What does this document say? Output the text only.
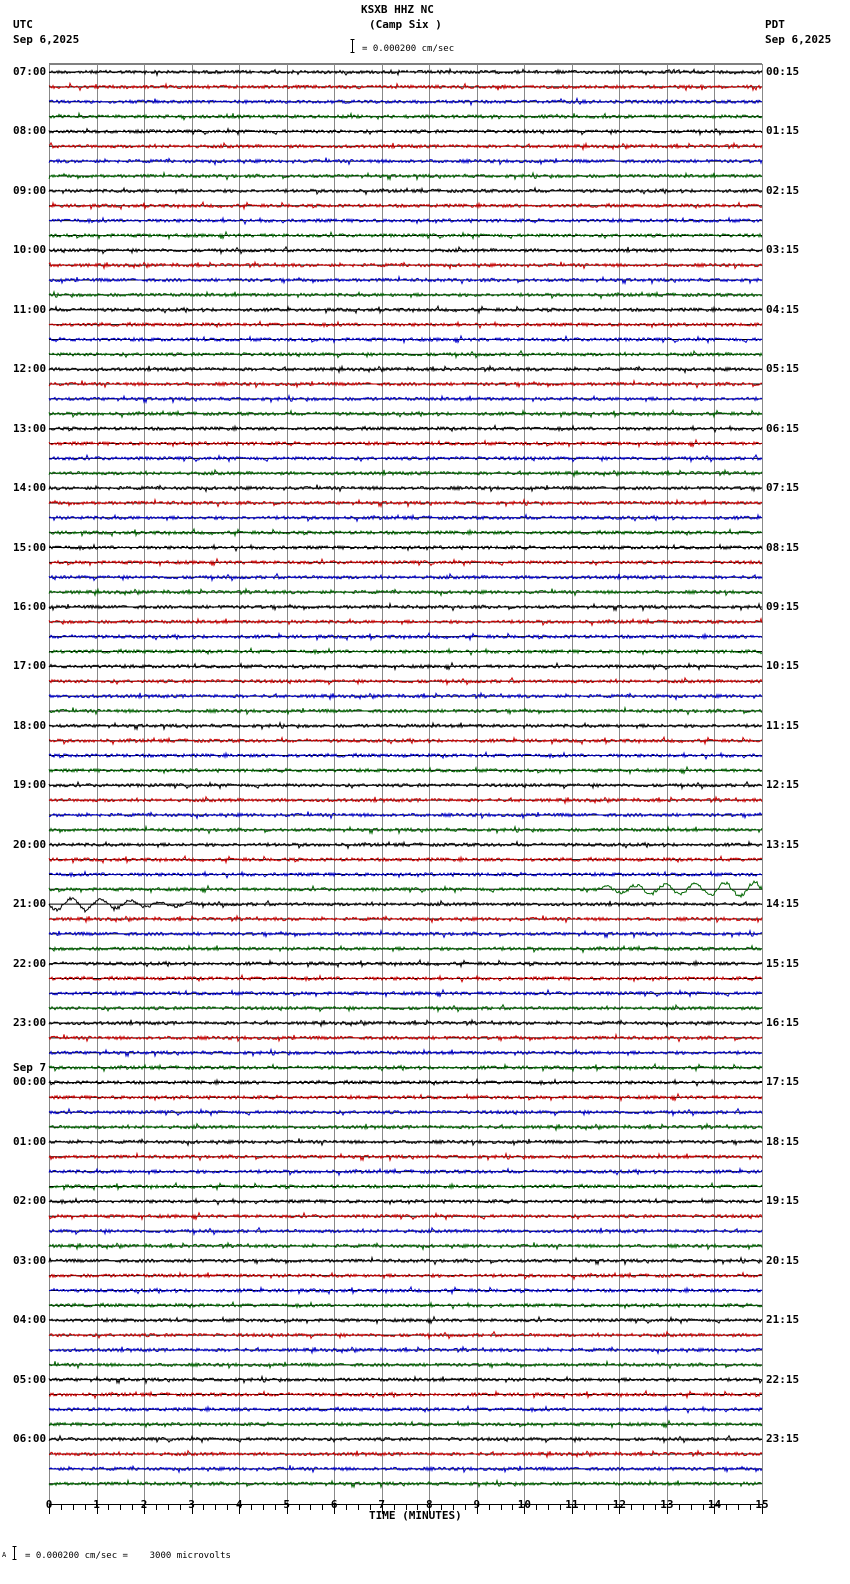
KSXB HHZ NC
(Camp Six )
UTC
Sep 6,2025
PDT
Sep 6,2025
= 0.000200 cm/sec
07:00
08:00
09:00
10:00
11:00
12:00
13:00
14:00
15:00
16:00
17:00
18:00
19:00
20:00
21:00
22:00
23:00
Sep 7
00:00
01:00
02:00
03:00
04:00
05:00
06:00
00:15
01:15
02:15
03:15
04:15
05:15
06:15
07:15
08:15
09:15
10:15
11:15
12:15
13:15
14:15
15:15
16:15
17:15
18:15
19:15
20:15
21:15
22:15
23:15
0	1	2	3	4	5	6	7	8	9	10	11	12	13	14	15
TIME (MINUTES)
A = 0.000200 cm/sec =    3000 microvolts
